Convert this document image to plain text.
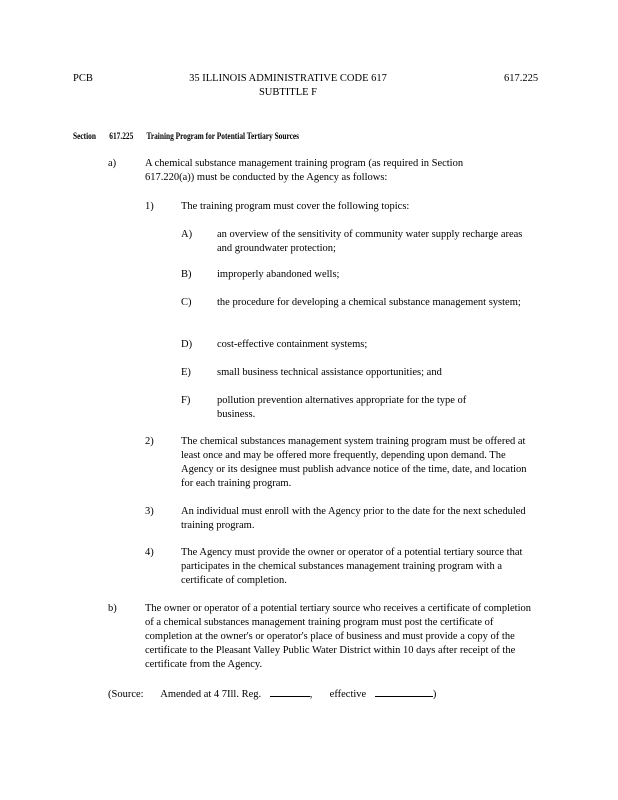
PCB	35 ILLINOIS ADMINISTRATIVE CODE 617
SUBTITLE F
617.225
Section 617.225 Training Program for Potential Tertiary Sources
a)	A chemical substance management training program (as required in Section 617.220(a)) must be conducted by the Agency as follows:
1)	The training program must cover the following topics:
A) an overview of the sensitivity of community water supply recharge areas and groundwater protection;
B) improperly abandoned wells;
C) the procedure for developing a chemical substance management system;
D) cost-effective containment systems;
E) small business technical assistance opportunities; and
F)	pollution prevention alternatives appropriate for the type of business.
2)	The chemical substances management system training program must be offered at least once and may be offered more frequently, depending upon demand. The Agency or its designee must publish advance notice of the time, date, and location for each training program.
3)	An individual must enroll with the Agency prior to the date for the next scheduled training program.
4)	The Agency must provide the owner or operator of a potential tertiary source that participates in the chemical substances management training program with a certificate of completion.
b)	The owner or operator of a potential tertiary source who receives a certificate of completion of a chemical substances management training program must post the certificate of completion at the owner's or operator's place of business and must provide a copy of the certificate to the Pleasant Valley Public Water District within 10 days after receipt of the certificate from the Agency.
(Source: Amended at 4 7Ill. Reg.	, effective	)
